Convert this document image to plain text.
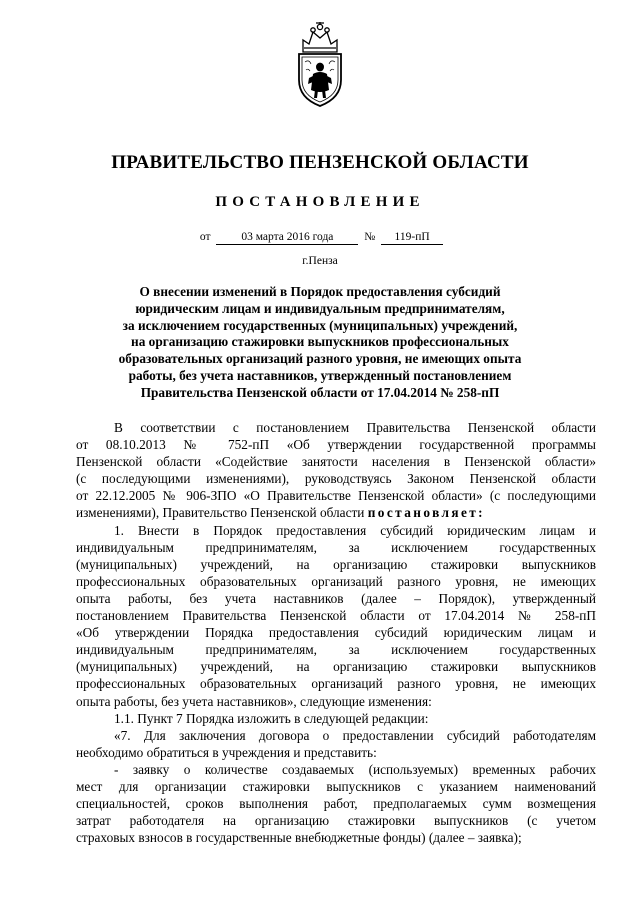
ПРАВИТЕЛЬСТВО ПЕНЗЕНСКОЙ ОБЛАСТИ
ПОСТАНОВЛЕНИЕ
от	03 марта 2016 года	№ 119-пП
г.Пенза
О внесении изменений в Порядок предоставления субсидий
юридическим лицам и индивидуальным предпринимателям,
за исключением государственных (муниципальных) учреждений,
на организацию стажировки выпускников профессиональных
образовательных организаций разного уровня, не имеющих опыта
работы, без учета наставников, утвержденный постановлением
Правительства Пензенской области от 17.04.2014 № 258-пП
В соответствии с постановлением Правительства Пензенской области
от 08.10.2013 № 752-пП «Об утверждении государственной программы
Пензенской области «Содействие занятости населения в Пензенской области»
(с последующими изменениями), руководствуясь Законом Пензенской области
от 22.12.2005 № 906-ЗПО «О Правительстве Пензенской области» (с последующими
изменениями), Правительство Пензенской области постановляет:
1. Внести в Порядок предоставления субсидий юридическим лицам и
индивидуальным предпринимателям, за исключением государственных
(муниципальных) учреждений, на организацию стажировки выпускников
профессиональных образовательных организаций разного уровня, не имеющих
опыта работы, без учета наставников (далее – Порядок), утвержденный
постановлением Правительства Пензенской области от 17.04.2014 № 258-пП
«Об утверждении Порядка предоставления субсидий юридическим лицам и
индивидуальным предпринимателям, за исключением государственных
(муниципальных) учреждений, на организацию стажировки выпускников
профессиональных образовательных организаций разного уровня, не имеющих
опыта работы, без учета наставников», следующие изменения:
1.1. Пункт 7 Порядка изложить в следующей редакции:
«7. Для заключения договора о предоставлении субсидий работодателям
необходимо обратиться в учреждения и представить:
- заявку о количестве создаваемых (используемых) временных рабочих
мест для организации стажировки выпускников с указанием наименований
специальностей, сроков выполнения работ, предполагаемых сумм возмещения
затрат работодателя на организацию стажировки выпускников (с учетом
страховых взносов в государственные внебюджетные фонды) (далее – заявка);
